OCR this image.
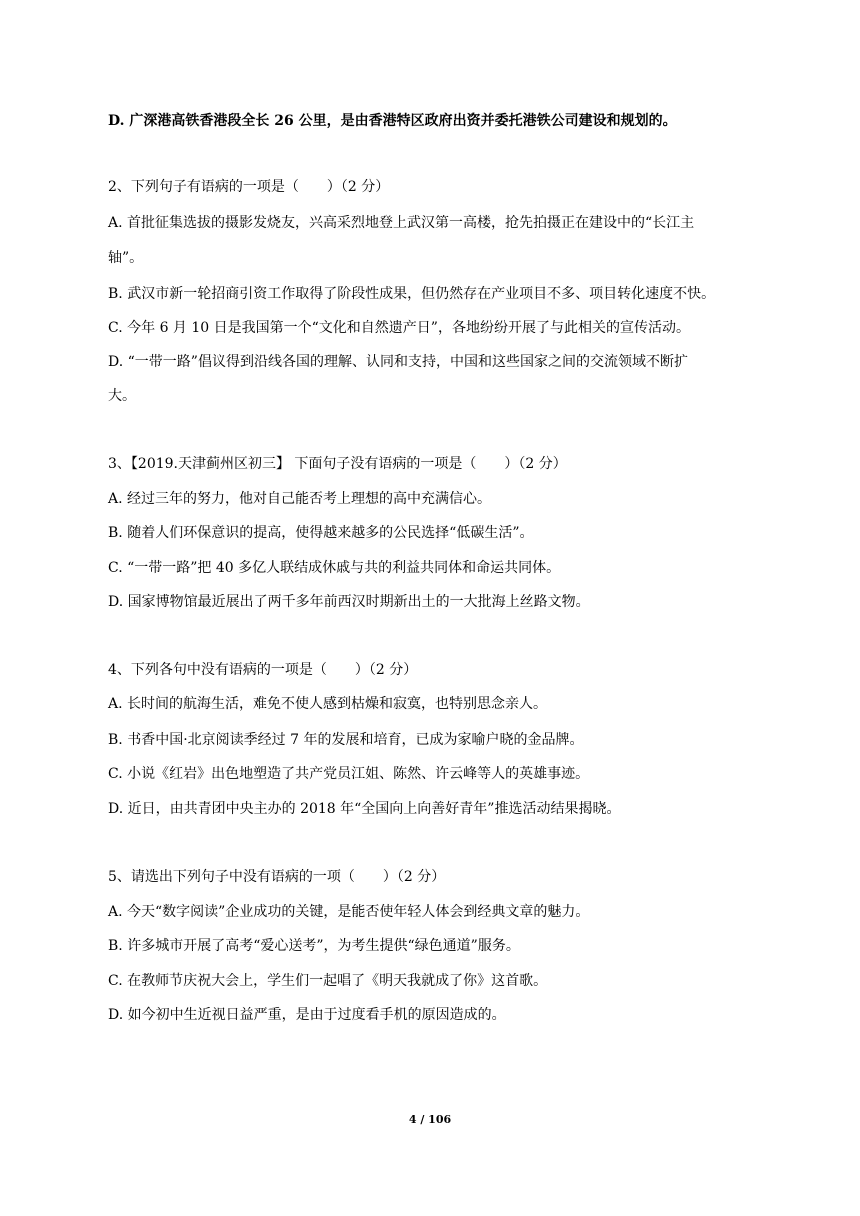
D. 广深港高铁香港段全长 26 公里，是由香港特区政府出资并委托港铁公司建设和规划的。
2、下列句子有语病的一项是（　　）（2 分）
A. 首批征集选拔的摄影发烧友，兴高采烈地登上武汉第一高楼，抢先拍摄正在建设中的“长江主
轴”。
B. 武汉市新一轮招商引资工作取得了阶段性成果，但仍然存在产业项目不多、项目转化速度不快。
C. 今年 6 月 10 日是我国第一个“文化和自然遗产日”，各地纷纷开展了与此相关的宣传活动。
D. “一带一路”倡议得到沿线各国的理解、认同和支持，中国和这些国家之间的交流领域不断扩
大。
3、【2019.天津蓟州区初三】 下面句子没有语病的一项是（　　）（2 分）
A. 经过三年的努力，他对自己能否考上理想的高中充满信心。
B. 随着人们环保意识的提高，使得越来越多的公民选择“低碳生活”。
C. “一带一路”把 40 多亿人联结成休戚与共的利益共同体和命运共同体。
D. 国家博物馆最近展出了两千多年前西汉时期新出土的一大批海上丝路文物。
4、下列各句中没有语病的一项是（　　）（2 分）
A. 长时间的航海生活，难免不使人感到枯燥和寂寞，也特别思念亲人。
B. 书香中国·北京阅读季经过 7 年的发展和培育，已成为家喻户晓的金品牌。
C. 小说《红岩》出色地塑造了共产党员江姐、陈然、许云峰等人的英雄事迹。
D. 近日，由共青团中央主办的 2018 年“全国向上向善好青年”推选活动结果揭晓。
5、请选出下列句子中没有语病的一项（　　）（2 分）
A. 今天“数字阅读”企业成功的关键，是能否使年轻人体会到经典文章的魅力。
B. 许多城市开展了高考“爱心送考”，为考生提供“绿色通道”服务。
C. 在教师节庆祝大会上，学生们一起唱了《明天我就成了你》这首歌。
D. 如今初中生近视日益严重，是由于过度看手机的原因造成的。
4 / 106
